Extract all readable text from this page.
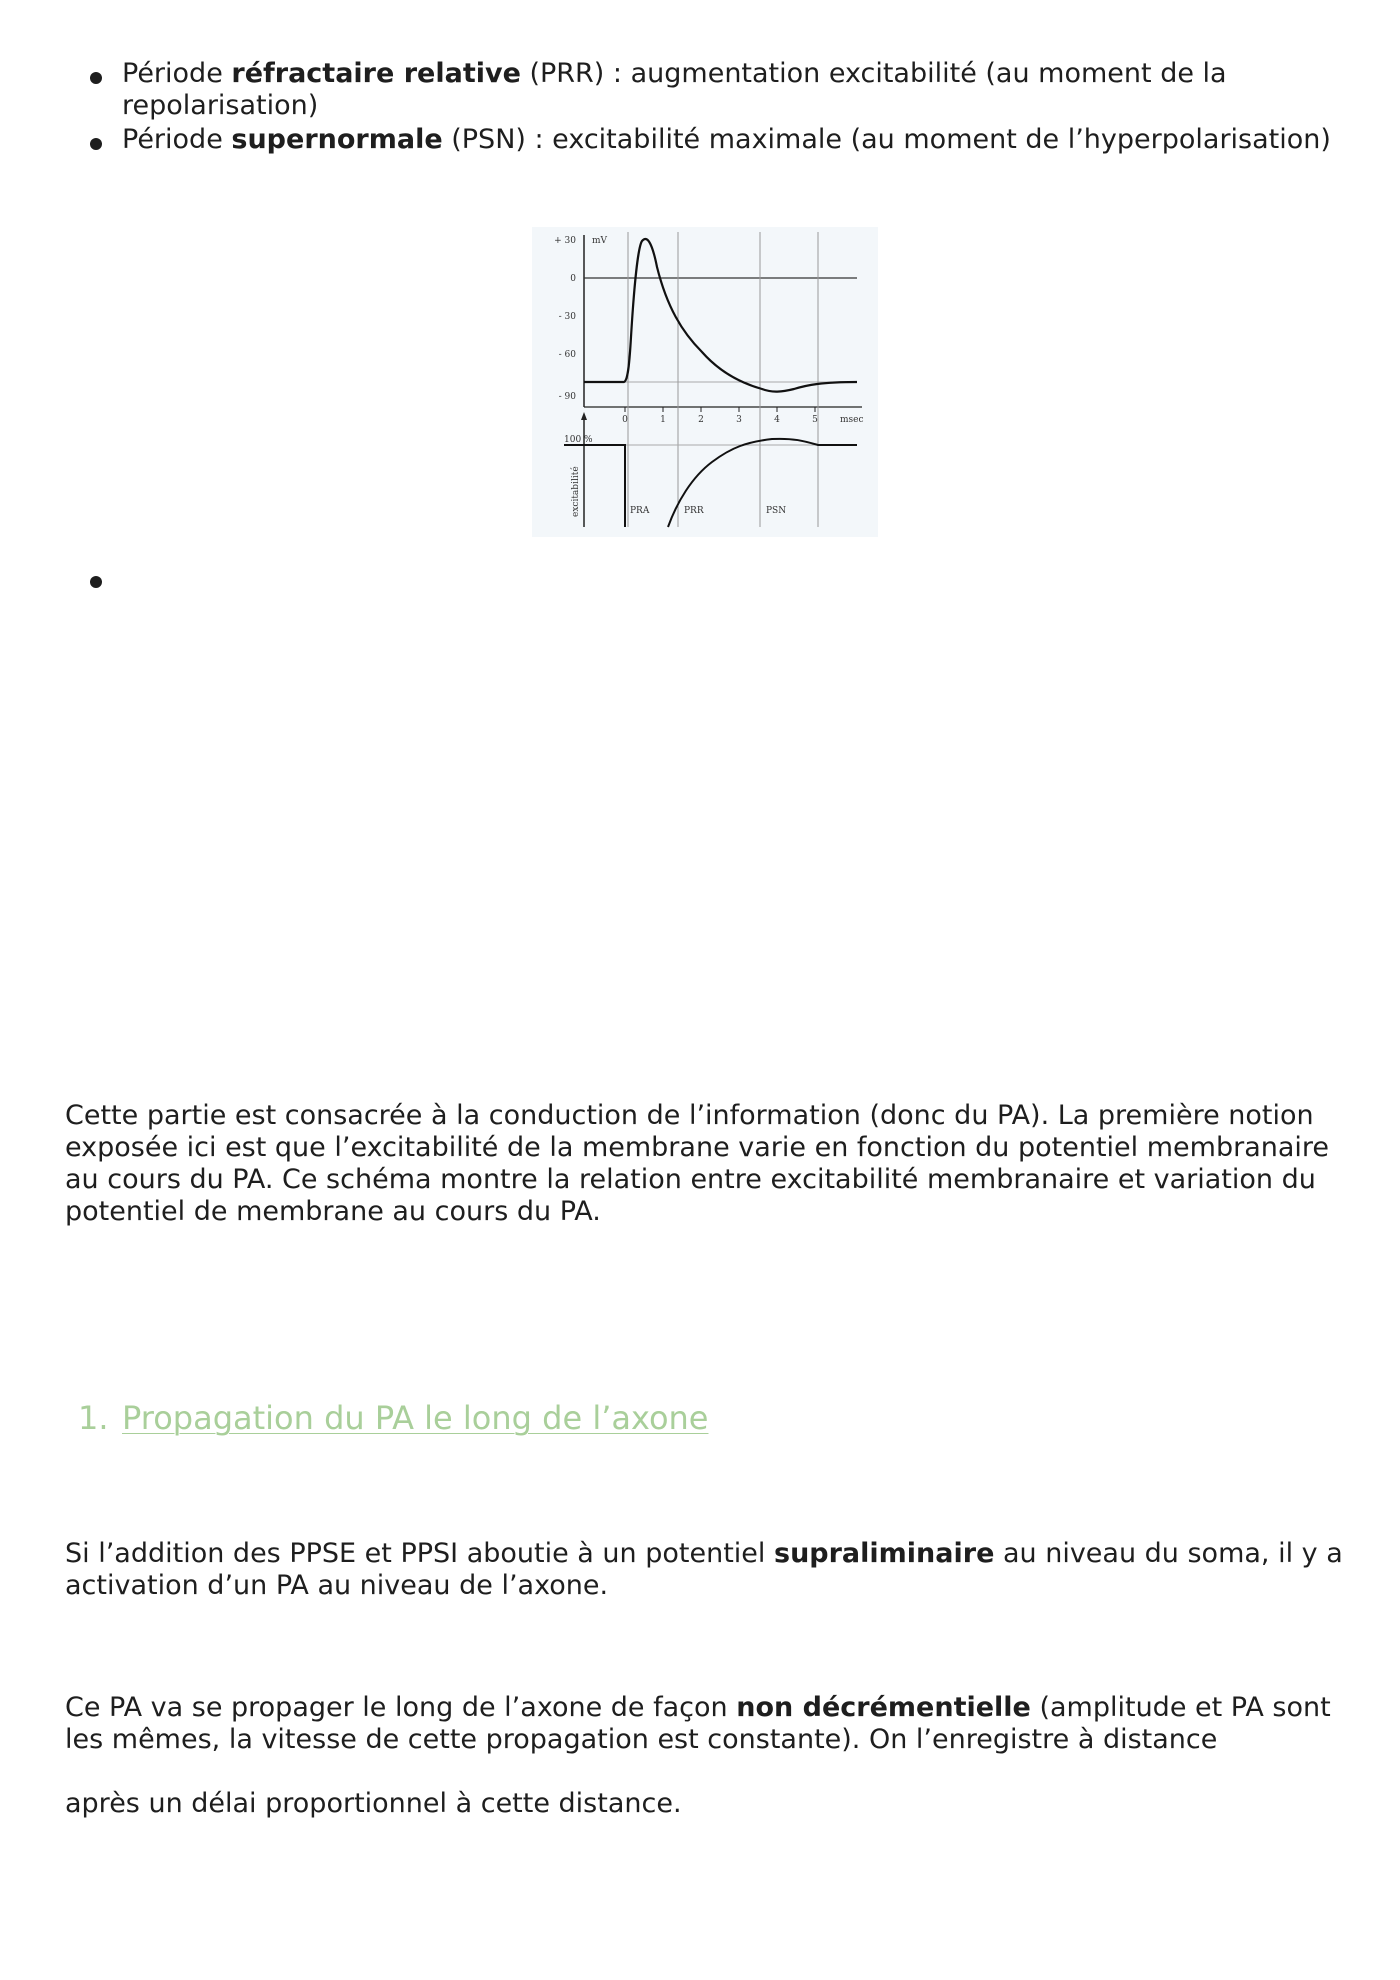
Période réfractaire relative (PRR) : augmentation excitabilité (au moment de la repolarisation)
Période supernormale (PSN) : excitabilité maximale (au moment de l’hyperpolarisation)
+ 30
0
- 30
- 60
- 90
mV
0	1	2	3	4	5 msec
100 %
excitabilité	PRA	PRR	PSN

Cette partie est consacrée à la conduction de l’information (donc du PA). La première notion exposée ici est que l’excitabilité de la membrane varie en fonction du potentiel membranaire au cours du PA. Ce schéma montre la relation entre excitabilité membranaire et variation du potentiel de membrane au cours du PA.

1. Propagation du PA le long de l’axone

Si l’addition des PPSE et PPSI aboutie à un potentiel supraliminaire au niveau du soma, il y a activation d’un PA au niveau de l’axone.

Ce PA va se propager le long de l’axone de façon non décrémentielle (amplitude et PA sont les mêmes, la vitesse de cette propagation est constante). On l’enregistre à distance

après un délai proportionnel à cette distance.
